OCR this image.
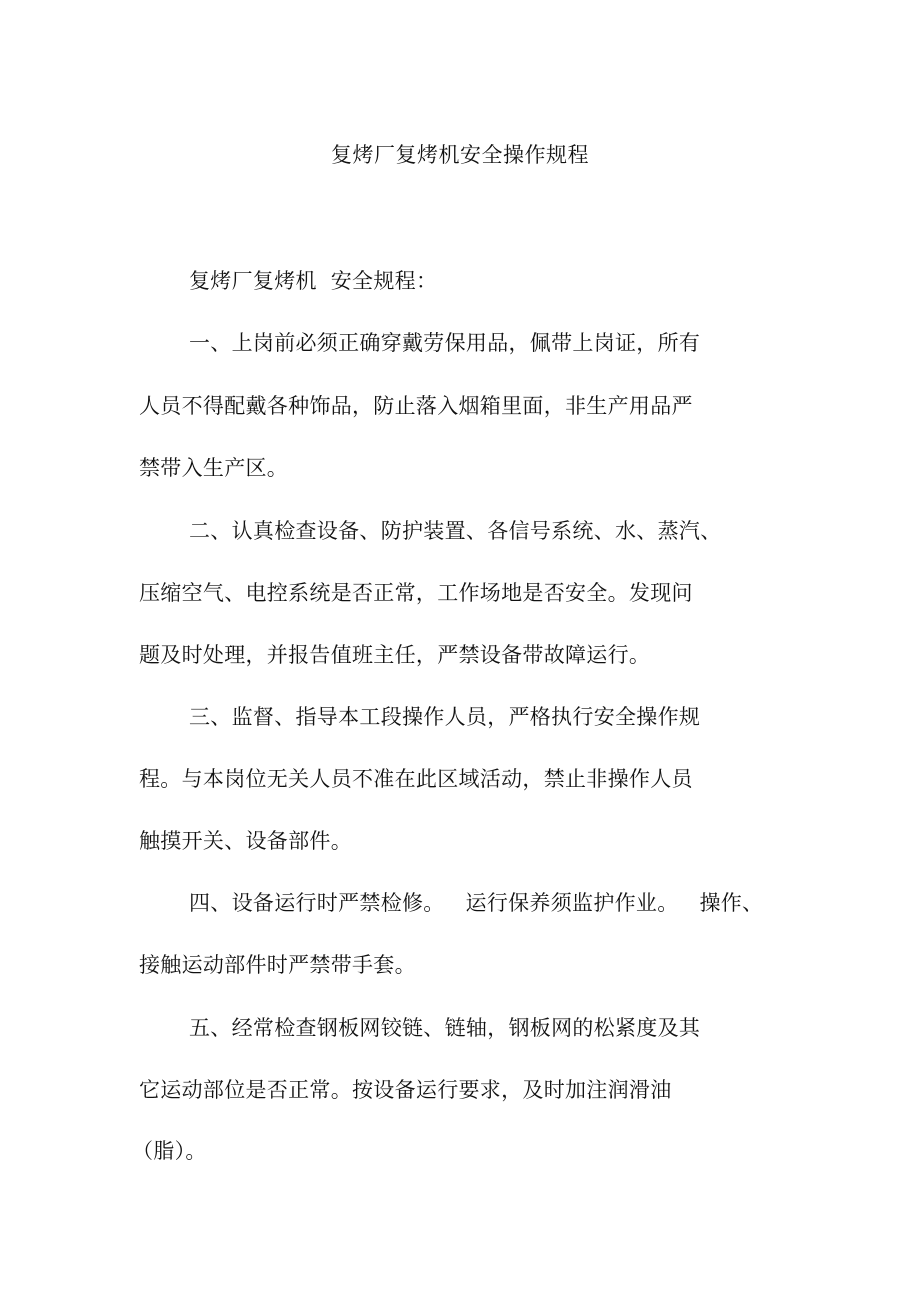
复烤厂复烤机安全操作规程
复烤厂复烤机  安全规程：
一、上岗前必须正确穿戴劳保用品，佩带上岗证，所有
人员不得配戴各种饰品，防止落入烟箱里面，非生产用品严
禁带入生产区。
二、认真检查设备、防护装置、各信号系统、水、蒸汽、
压缩空气、电控系统是否正常，工作场地是否安全。发现问
题及时处理，并报告值班主任，严禁设备带故障运行。
三、监督、指导本工段操作人员，严格执行安全操作规
程。与本岗位无关人员不准在此区域活动，禁止非操作人员
触摸开关、设备部件。
四、设备运行时严禁检修。   运行保养须监护作业。   操作、
接触运动部件时严禁带手套。
五、经常检查钢板网铰链、链轴，钢板网的松紧度及其
它运动部位是否正常。按设备运行要求，及时加注润滑油
（脂）。
